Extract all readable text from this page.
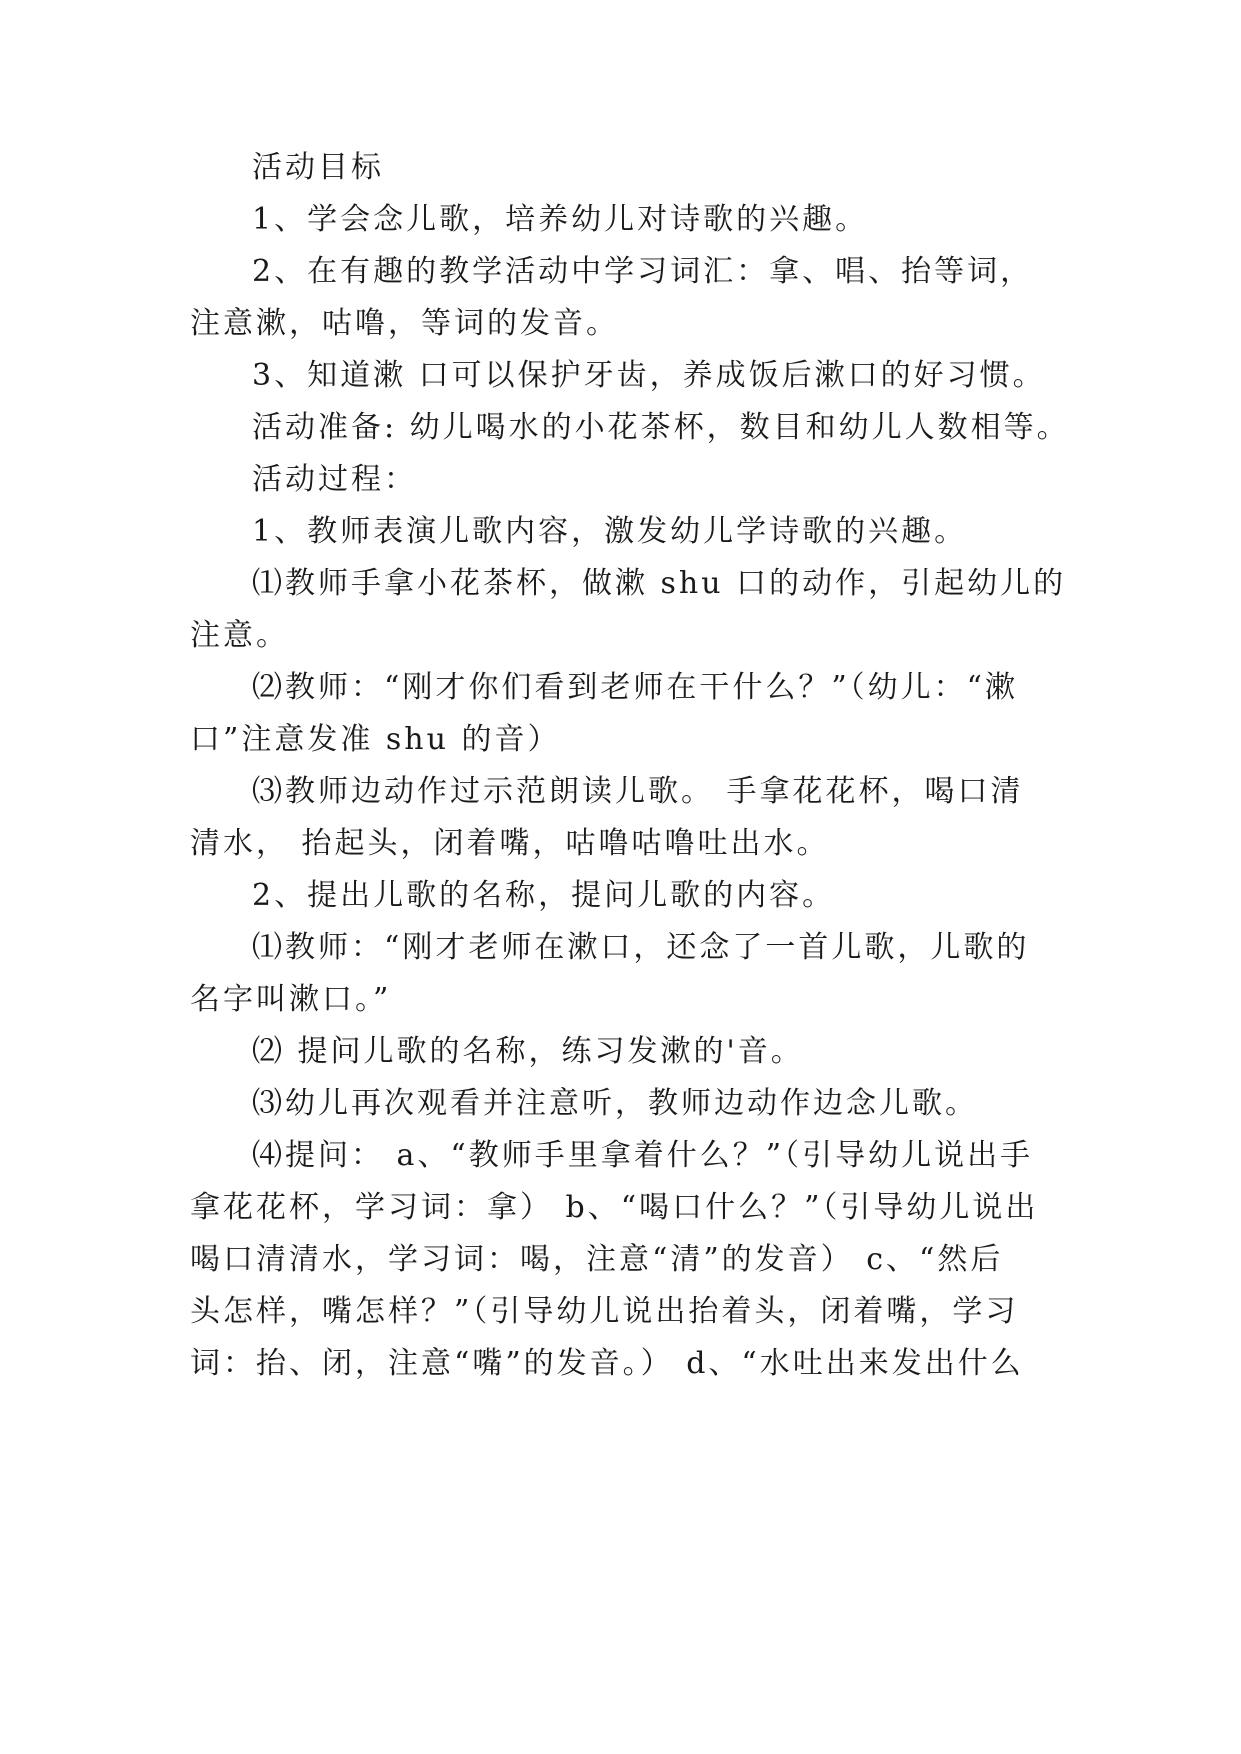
活动目标
1、学会念儿歌，培养幼儿对诗歌的兴趣。
2、在有趣的教学活动中学习词汇：拿、唱、抬等词，
注意漱，咕噜，等词的发音。
3、知道漱 口可以保护牙齿，养成饭后漱口的好习惯。
活动准备: 幼儿喝水的小花茶杯，数目和幼儿人数相等。
活动过程：
1、教师表演儿歌内容，激发幼儿学诗歌的兴趣。
⑴教师手拿小花茶杯，做漱 shu 口的动作，引起幼儿的
注意。
⑵教师：“刚才你们看到老师在干什么？”（幼儿：“漱
口”注意发准 shu 的音）
⑶教师边动作过示范朗读儿歌。 手拿花花杯，喝口清
清水， 抬起头，闭着嘴，咕噜咕噜吐出水。
2、提出儿歌的名称，提问儿歌的内容。
⑴教师：“刚才老师在漱口，还念了一首儿歌，儿歌的
名字叫漱口。”
⑵ 提问儿歌的名称，练习发漱的'音。
⑶幼儿再次观看并注意听，教师边动作边念儿歌。
⑷提问： a、“教师手里拿着什么？”（引导幼儿说出手
拿花花杯，学习词：拿） b、“喝口什么？”（引导幼儿说出
喝口清清水，学习词：喝，注意“清”的发音） c、“然后
头怎样，嘴怎样？”（引导幼儿说出抬着头，闭着嘴，学习
词：抬、闭，注意“嘴”的发音。） d、“水吐出来发出什么
